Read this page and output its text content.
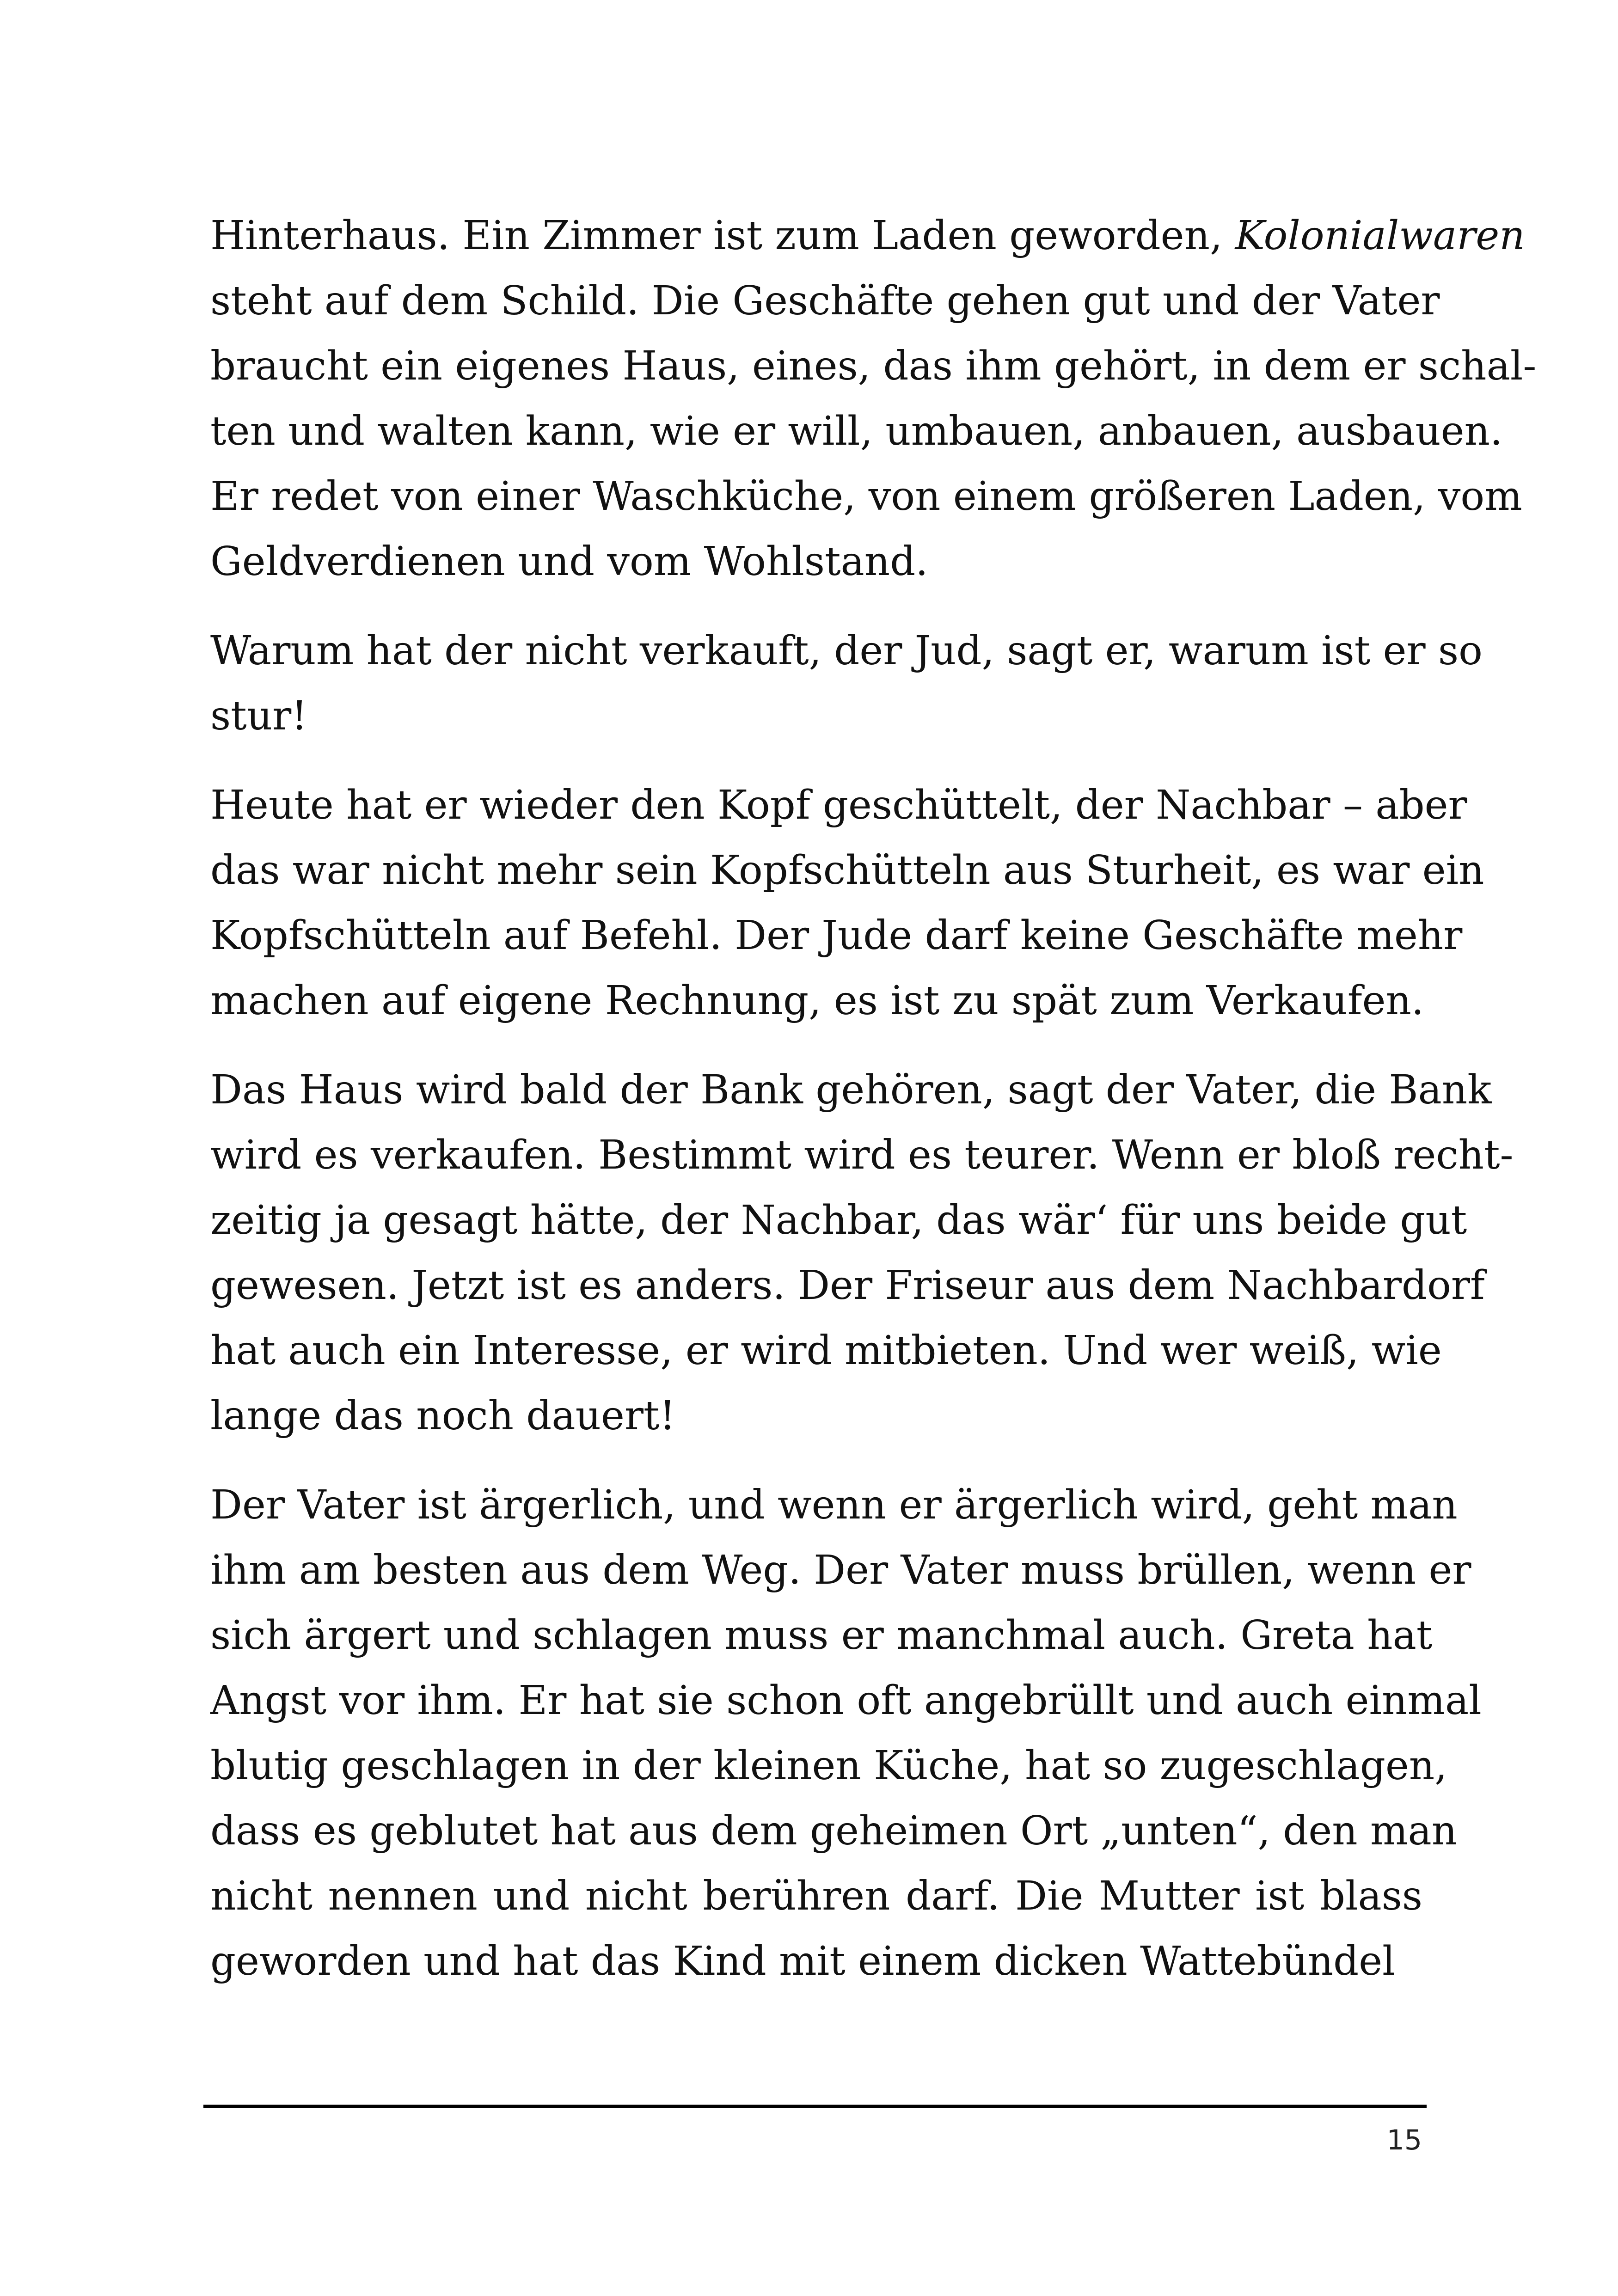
Hinterhaus. Ein Zimmer ist zum Laden geworden, Kolonialwaren
steht auf dem Schild. Die Geschäfte gehen gut und der Vater
braucht ein eigenes Haus, eines, das ihm gehört, in dem er schal-
ten und walten kann, wie er will, umbauen, anbauen, ausbauen.
Er redet von einer Waschküche, von einem größeren Laden, vom
Geldverdienen und vom Wohlstand.

Warum hat der nicht verkauft, der Jud, sagt er, warum ist er so
stur!

Heute hat er wieder den Kopf geschüttelt, der Nachbar – aber
das war nicht mehr sein Kopfschütteln aus Sturheit, es war ein
Kopfschütteln auf Befehl. Der Jude darf keine Geschäfte mehr
machen auf eigene Rechnung, es ist zu spät zum Verkaufen.

Das Haus wird bald der Bank gehören, sagt der Vater, die Bank
wird es verkaufen. Bestimmt wird es teurer. Wenn er bloß recht-
zeitig ja gesagt hätte, der Nachbar, das wär‘ für uns beide gut
gewesen. Jetzt ist es anders. Der Friseur aus dem Nachbardorf
hat auch ein Interesse, er wird mitbieten. Und wer weiß, wie
lange das noch dauert!

Der Vater ist ärgerlich, und wenn er ärgerlich wird, geht man
ihm am besten aus dem Weg. Der Vater muss brüllen, wenn er
sich ärgert und schlagen muss er manchmal auch. Greta hat
Angst vor ihm. Er hat sie schon oft angebrüllt und auch einmal
blutig geschlagen in der kleinen Küche, hat so zugeschlagen,
dass es geblutet hat aus dem geheimen Ort „unten“, den man
nicht nennen und nicht berühren darf. Die Mutter ist blass
geworden und hat das Kind mit einem dicken Wattebündel

15
